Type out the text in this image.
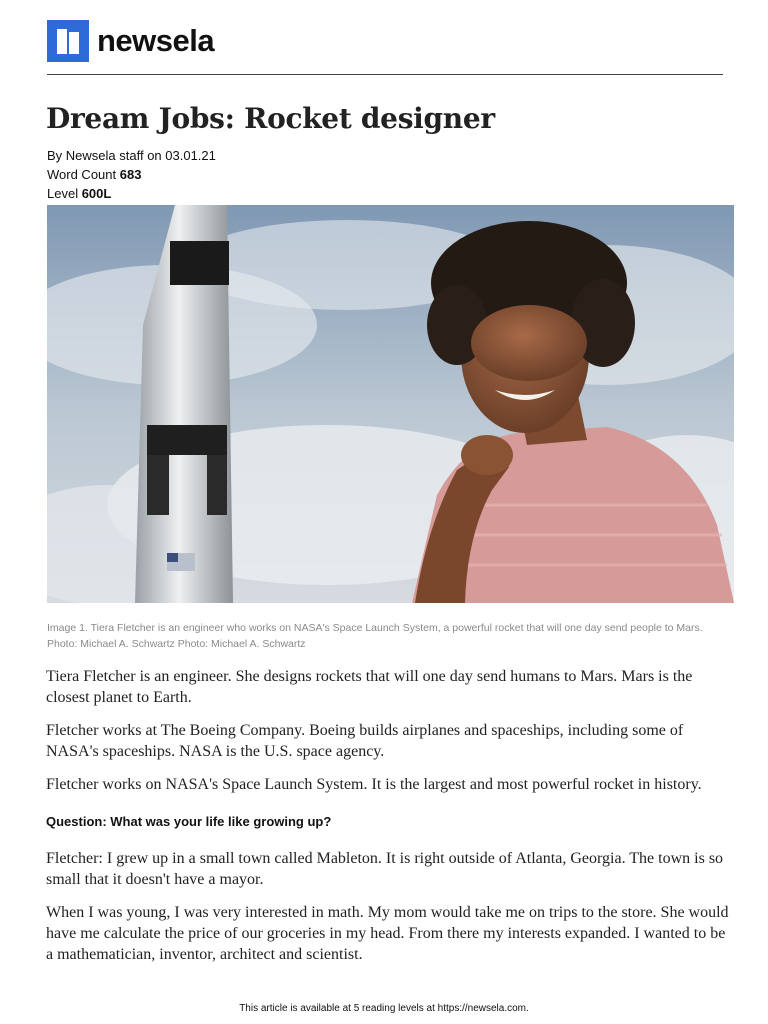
newsela
Dream Jobs: Rocket designer
By Newsela staff on 03.01.21
Word Count 683
Level 600L
Image 1. Tiera Fletcher is an engineer who works on NASA's Space Launch System, a powerful rocket that will one day send people to Mars. Photo: Michael A. Schwartz Photo: Michael A. Schwartz

Tiera Fletcher is an engineer. She designs rockets that will one day send humans to Mars. Mars is the closest planet to Earth.

Fletcher works at The Boeing Company. Boeing builds airplanes and spaceships, including some of NASA's spaceships. NASA is the U.S. space agency.

Fletcher works on NASA's Space Launch System. It is the largest and most powerful rocket in history.

Question: What was your life like growing up?

Fletcher: I grew up in a small town called Mableton. It is right outside of Atlanta, Georgia. The town is so small that it doesn't have a mayor.

When I was young, I was very interested in math. My mom would take me on trips to the store. She would have me calculate the price of our groceries in my head. From there my interests expanded. I wanted to be a mathematician, inventor, architect and scientist.

This article is available at 5 reading levels at https://newsela.com.
